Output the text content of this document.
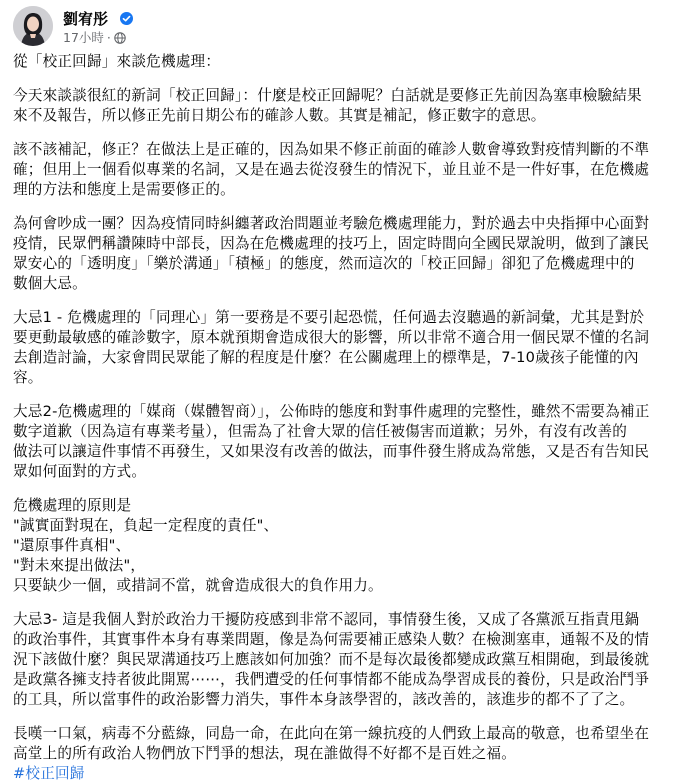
劉宥彤
17小時 ·
從「校正回歸」來談危機處理：
今天來談談很紅的新詞「校正回歸」：什麼是校正回歸呢？白話就是要修正先前因為塞車檢驗結果
來不及報告，所以修正先前日期公布的確診人數。其實是補記，修正數字的意思。
該不該補記，修正？在做法上是正確的，因為如果不修正前面的確診人數會導致對疫情判斷的不準
確；但用上一個看似專業的名詞，又是在過去從沒發生的情況下，並且並不是一件好事，在危機處
理的方法和態度上是需要修正的。
為何會吵成一團？因為疫情同時糾纏著政治問題並考驗危機處理能力，對於過去中央指揮中心面對
疫情，民眾們稱讚陳時中部長，因為在危機處理的技巧上，固定時間向全國民眾說明，做到了讓民
眾安心的「透明度」「樂於溝通」「積極」的態度，然而這次的「校正回歸」卻犯了危機處理中的
數個大忌。
大忌1 - 危機處理的「同理心」第一要務是不要引起恐慌，任何過去沒聽過的新詞彙，尤其是對於
要更動最敏感的確診數字，原本就預期會造成很大的影響，所以非常不適合用一個民眾不懂的名詞
去創造討論，大家會問民眾能了解的程度是什麼？在公關處理上的標準是，7-10歲孩子能懂的內
容。
大忌2-危機處理的「媒商（媒體智商）」，公佈時的態度和對事件處理的完整性，雖然不需要為補正
數字道歉（因為這有專業考量），但需為了社會大眾的信任被傷害而道歉；另外，有沒有改善的
做法可以讓這件事情不再發生，又如果沒有改善的做法，而事件發生將成為常態，又是否有告知民
眾如何面對的方式。
危機處理的原則是
"誠實面對現在，負起一定程度的責任"、
"還原事件真相"、
"對未來提出做法"，
只要缺少一個，或措詞不當，就會造成很大的負作用力。
大忌3- 這是我個人對於政治力干擾防疫感到非常不認同，事情發生後，又成了各黨派互指責甩鍋
的政治事件，其實事件本身有專業問題，像是為何需要補正感染人數？在檢測塞車，通報不及的情
況下該做什麼？與民眾溝通技巧上應該如何加強？而不是每次最後都變成政黨互相開砲，到最後就
是政黨各擁支持者彼此開罵⋯⋯，我們遭受的任何事情都不能成為學習成長的養份，只是政治鬥爭
的工具，所以當事件的政治影響力消失，事件本身該學習的，該改善的，該進步的都不了了之。
長嘆一口氣，病毒不分藍綠，同島一命，在此向在第一線抗疫的人們致上最高的敬意，也希望坐在
高堂上的所有政治人物們放下鬥爭的想法，現在誰做得不好都不是百姓之福。
#校正回歸
